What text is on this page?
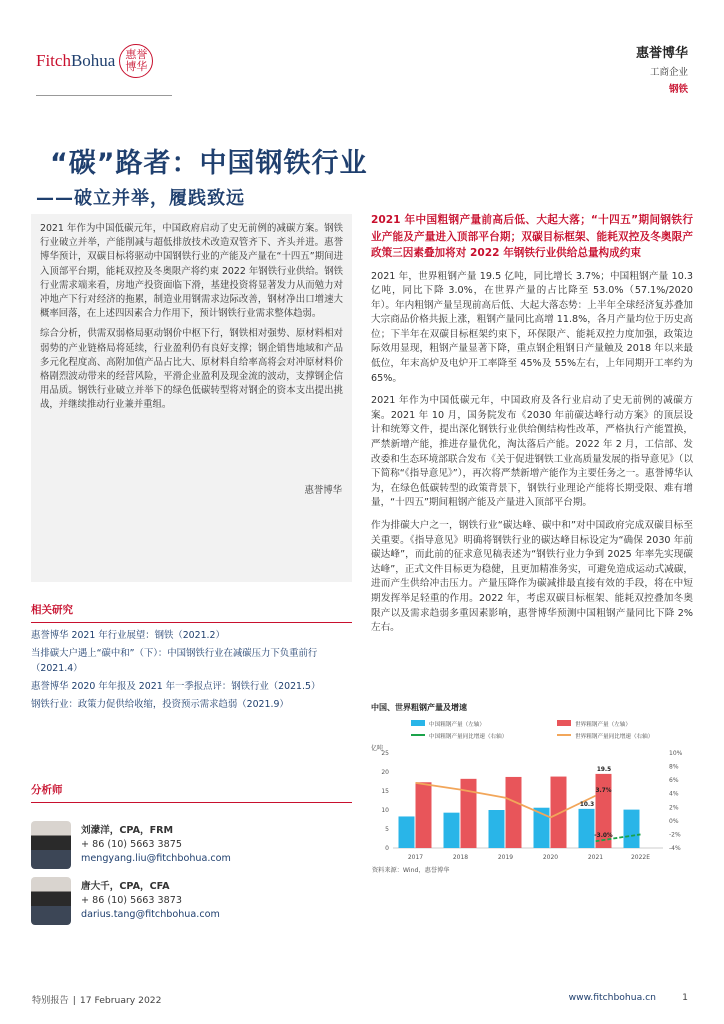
FitchBohua 惠 誉
博 华
惠誉博华
工商企业
钢铁
“碳”路者：中国钢铁行业
——破立并举，履践致远

2021 年作为中国低碳元年，中国政府启动了史无前例的减碳方案。钢铁行业破立并举，产能削减与超低排放技术改造双管齐下、齐头并进。惠誉博华预计，双碳目标将驱动中国钢铁行业的产能及产量在“十四五”期间进入顶部平台期，能耗双控及冬奥限产将约束 2022 年钢铁行业供给。钢铁行业需求端来看，房地产投资面临下滑，基建投资将显著发力从而勉力对冲地产下行对经济的拖累，制造业用钢需求边际改善，钢材净出口增速大概率回落，在上述四因素合力作用下，预计钢铁行业需求整体趋弱。

综合分析，供需双弱格局驱动钢价中枢下行，钢铁相对强势、原材料相对弱势的产业链格局将延续，行业盈利仍有良好支撑；钢企销售地域和产品多元化程度高、高附加值产品占比大、原材料自给率高将会对冲原材料价格剧烈波动带来的经营风险，平滑企业盈利及现金流的波动，支撑钢企信用品质。钢铁行业破立并举下的绿色低碳转型将对钢企的资本支出提出挑战，并继续推动行业兼并重组。

惠誉博华
相关研究
惠誉博华 2021 年行业展望：钢铁（2021.2）
当排碳大户遇上“碳中和”（下）：中国钢铁行业在减碳压力下负重前行（2021.4）
惠誉博华 2020 年年报及 2021 年一季报点评：钢铁行业（2021.5）
钢铁行业：政策力促供给收缩，投资预示需求趋弱（2021.9）
分析师
刘濛洋，CPA，FRM
+ 86 (10) 5663 3875
mengyang.liu@fitchbohua.com
唐大千，CPA，CFA
+ 86 (10) 5663 3873
darius.tang@fitchbohua.com
2021 年中国粗钢产量前高后低、大起大落；“十四五”期间钢铁行业产能及产量进入顶部平台期；双碳目标框架、能耗双控及冬奥限产政策三因素叠加将对 2022 年钢铁行业供给总量构成约束

2021 年，世界粗钢产量 19.5 亿吨，同比增长 3.7%；中国粗钢产量 10.3 亿吨，同比下降 3.0%，在世界产量的占比降至 53.0%（57.1%/2020 年）。年内粗钢产量呈现前高后低、大起大落态势：上半年全球经济复苏叠加大宗商品价格共振上涨，粗钢产量同比高增 11.8%，各月产量均位于历史高位；下半年在双碳目标框架约束下，环保限产、能耗双控力度加强，政策边际效用显现，粗钢产量显著下降，重点钢企粗钢日产量触及 2018 年以来最低位，年末高炉及电炉开工率降至 45%及 55%左右，上年同期开工率约为 65%。

2021 年作为中国低碳元年，中国政府及各行业启动了史无前例的减碳方案。2021 年 10 月，国务院发布《2030 年前碳达峰行动方案》的顶层设计和统筹文件，提出深化钢铁行业供给侧结构性改革，严格执行产能置换，严禁新增产能，推进存量优化，淘汰落后产能。2022 年 2 月，工信部、发改委和生态环境部联合发布《关于促进钢铁工业高质量发展的指导意见》（以下简称“《指导意见》”），再次将严禁新增产能作为主要任务之一。惠誉博华认为，在绿色低碳转型的政策背景下，钢铁行业理论产能将长期受限、难有增量，“十四五”期间粗钢产能及产量进入顶部平台期。

作为排碳大户之一，钢铁行业“碳达峰、碳中和”对中国政府完成双碳目标至关重要。《指导意见》明确将钢铁行业的碳达峰目标设定为“确保 2030 年前碳达峰”，而此前的征求意见稿表述为“钢铁行业力争到 2025 年率先实现碳达峰”，正式文件目标更为稳健，且更加精准务实，可避免造成运动式减碳，进而产生供给冲击压力。产量压降作为碳减排最直接有效的手段，将在中短期发挥举足轻重的作用。2022 年，考虑双碳目标框架、能耗双控叠加冬奥限产以及需求趋弱多重因素影响，惠誉博华预测中国粗钢产量同比下降 2%左右。

中国、世界粗钢产量及增速
中国粗钢产量（左轴）	世界粗钢产量（左轴）
中国粗钢产量同比增速（右轴）	世界粗钢产量同比增速（右轴）
亿吨
0
5
10
15
20
25
-4%
-2%
0%
2%
4%
6%
8%
10%
19.5
10.3
3.7%
-3.0%
2017	2018	2019	2020	2021	2022E
资料来源：Wind，惠誉博华
特别报告 | 17 February 2022	www.fitchbohua.cn	1
